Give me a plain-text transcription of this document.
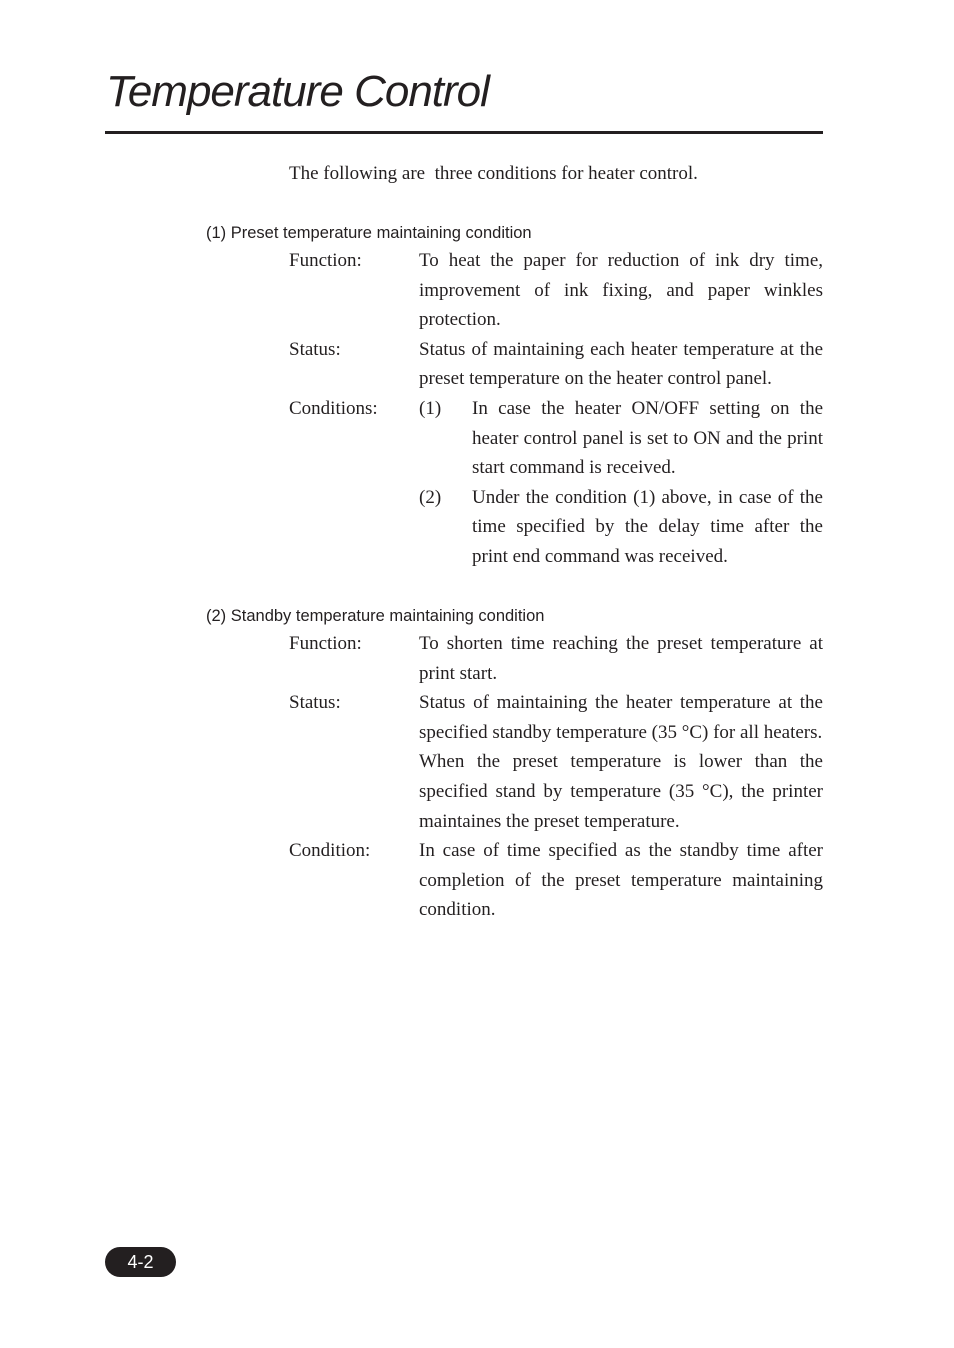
Temperature Control
The following are  three conditions for heater control.
(1) Preset temperature maintaining condition
Function:	To heat the paper for reduction of ink dry time, improvement of ink fixing, and paper winkles protection.
Status:	Status of maintaining each heater temperature at the preset temperature on the heater control panel.
Conditions:	(1)	In case the heater ON/OFF setting on the heater control panel is set to ON and the print start command is received.
(2)	Under the condition (1) above, in case of the time specified by the delay time after the print end command was received.
(2) Standby temperature maintaining condition
Function:	To shorten time reaching the preset temperature at print start.
Status:	Status of maintaining the heater temperature at the specified standby temperature (35 °C) for all heaters.

When the preset temperature is lower than the specified stand by temperature (35 °C), the printer maintaines the preset temperature.

Condition:	In case of time specified as the standby time after completion of the preset temperature maintaining condition.
4-2
